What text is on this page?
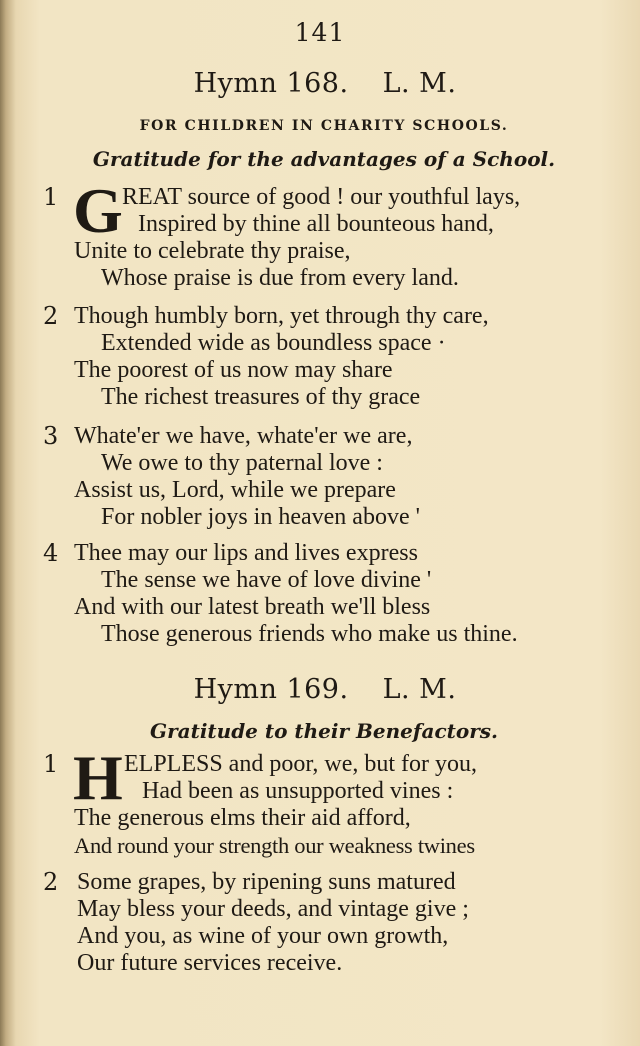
141
Hymn 168. L. M.
FOR CHILDREN IN CHARITY SCHOOLS.
Gratitude for the advantages of a School.
1 G REAT source of good ! our youthful lays,
Inspired by thine all bounteous hand,
Unite to celebrate thy praise,
Whose praise is due from every land.
2 Though humbly born, yet through thy care,
Extended wide as boundless space ·
The poorest of us now may share
The richest treasures of thy grace
3 Whate'er we have, whate'er we are,
We owe to thy paternal love :
Assist us, Lord, while we prepare
For nobler joys in heaven above '
4 Thee may our lips and lives express
The sense we have of love divine '
And with our latest breath we'll bless
Those generous friends who make us thine.
Hymn 169. L. M.
Gratitude to their Benefactors.
1 H ELPLESS and poor, we, but for you,
Had been as unsupported vines :
The generous elms their aid afford,
And round your strength our weakness twines
2 Some grapes, by ripening suns matured
May bless your deeds, and vintage give ;
And you, as wine of your own growth,
Our future services receive.
